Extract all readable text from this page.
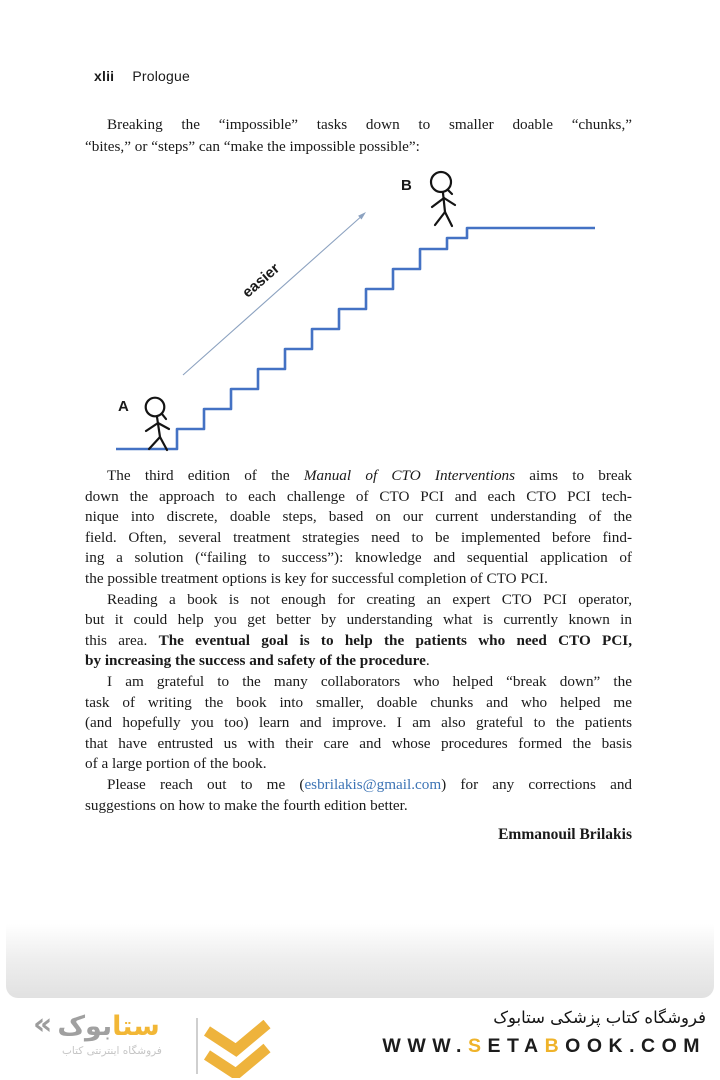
xlii Prologue
Breaking the “impossible” tasks down to smaller doable “chunks,”
“bites,” or “steps” can “make the impossible possible”:
easier
A
B
The third edition of the Manual of CTO Interventions aims to break
down the approach to each challenge of CTO PCI and each CTO PCI tech-
nique into discrete, doable steps, based on our current understanding of the
field. Often, several treatment strategies need to be implemented before find-
ing a solution (“failing to success”): knowledge and sequential application of
the possible treatment options is key for successful completion of CTO PCI.
Reading a book is not enough for creating an expert CTO PCI operator,
but it could help you get better by understanding what is currently known in
this area. The eventual goal is to help the patients who need CTO PCI,
by increasing the success and safety of the procedure.
I am grateful to the many collaborators who helped “break down” the
task of writing the book into smaller, doable chunks and who helped me
(and hopefully you too) learn and improve. I am also grateful to the patients
that have entrusted us with their care and whose procedures formed the basis
of a large portion of the book.
Please reach out to me (esbrilakis@gmail.com) for any corrections and
suggestions on how to make the fourth edition better.
Emmanouil Brilakis
«	ستابوک
فروشگاه اینترنتی کتاب
فروشگاه کتاب پزشکی ستابوک
WWW.SETABOOK.COM
